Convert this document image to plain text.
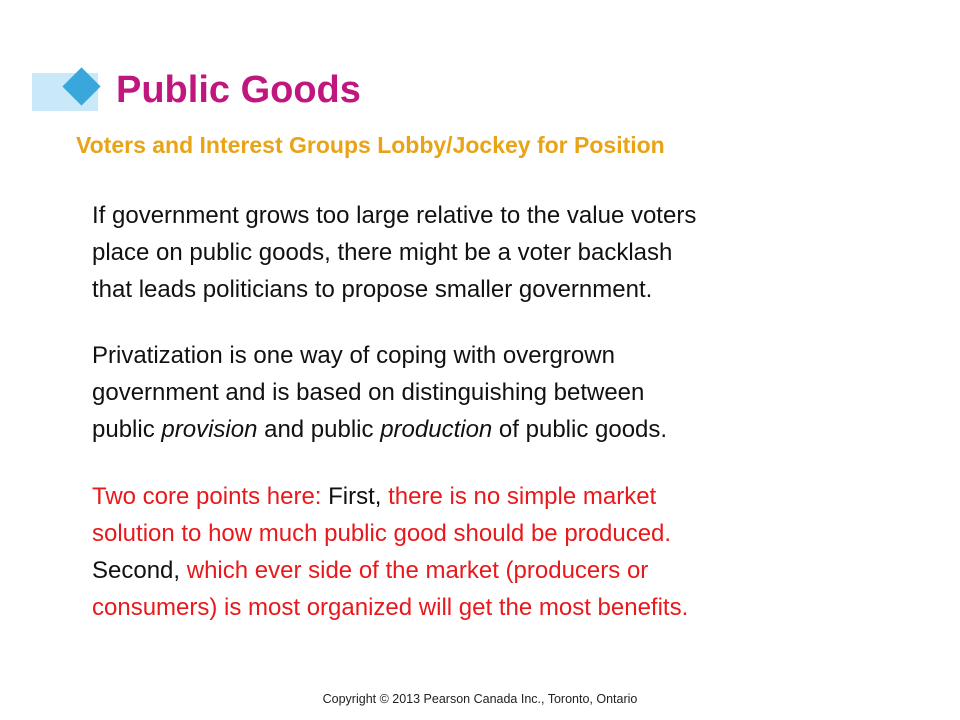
Public Goods
Voters and Interest Groups Lobby/Jockey for Position

If government grows too large relative to the value voters
place on public goods, there might be a voter backlash
that leads politicians to propose smaller government.

Privatization is one way of coping with overgrown
government and is based on distinguishing between
public provision and public production of public goods.

Two core points here: First, there is no simple market
solution to how much public good should be produced.
Second, which ever side of the market (producers or
consumers) is most organized will get the most benefits.

Copyright © 2013 Pearson Canada Inc., Toronto, Ontario
